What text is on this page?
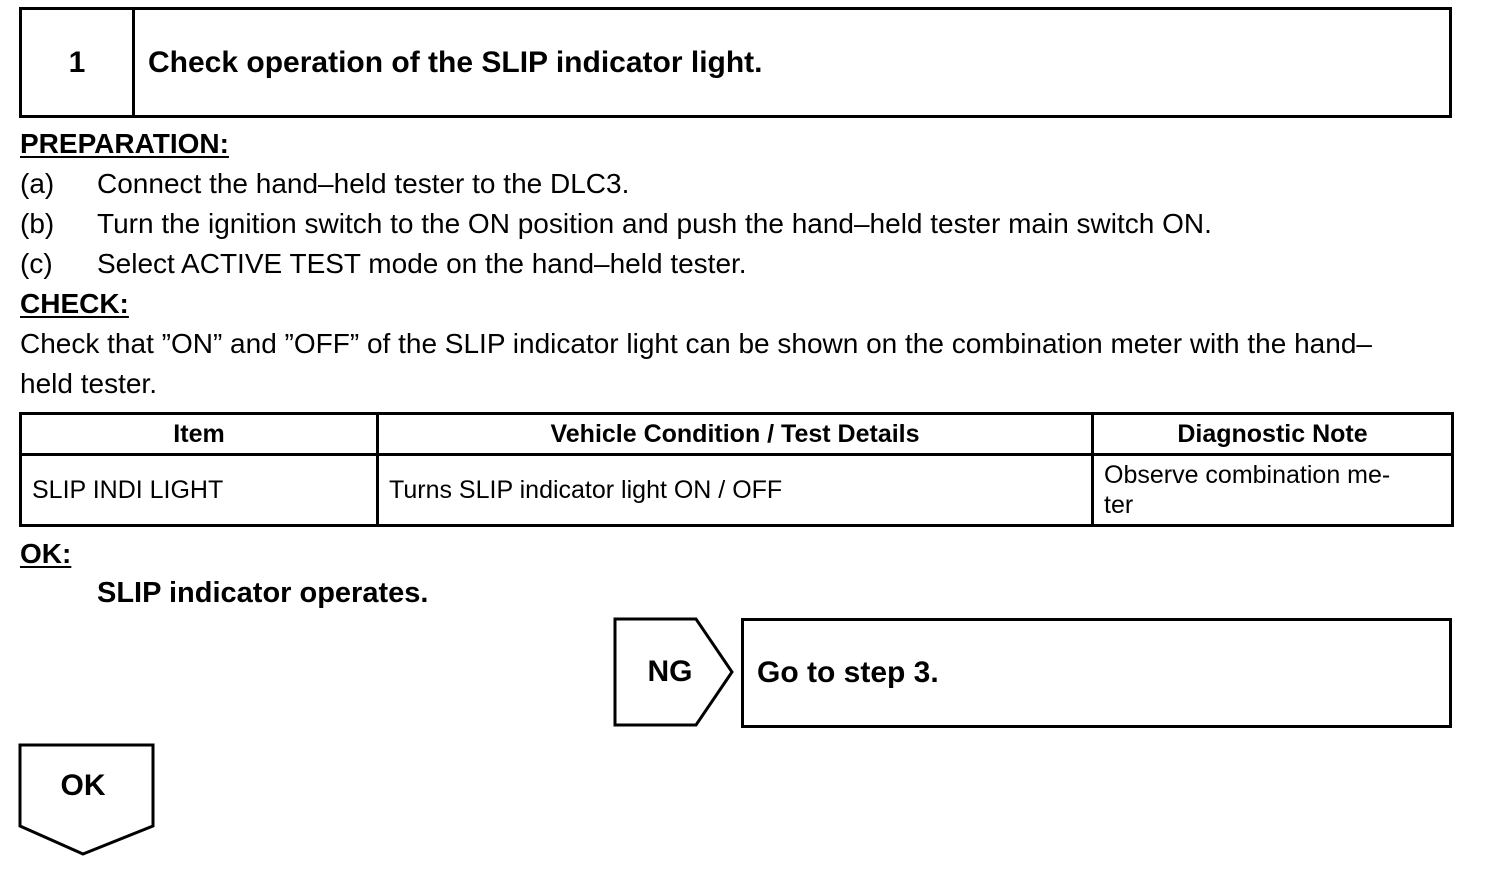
1	Check operation of the SLIP indicator light.
PREPARATION:
(a) Connect the hand–held tester to the DLC3.
(b) Turn the ignition switch to the ON position and push the hand–held tester main switch ON.
(c) Select ACTIVE TEST mode on the hand–held tester.
CHECK:
Check that ”ON” and ”OFF” of the SLIP indicator light can be shown on the combination meter with the hand–
held tester.
Item	Vehicle Condition / Test Details	Diagnostic Note
SLIP INDI LIGHT	Turns SLIP indicator light ON / OFF	Observe combination me-
ter
OK:
SLIP indicator operates.
NG	Go to step 3.
OK
